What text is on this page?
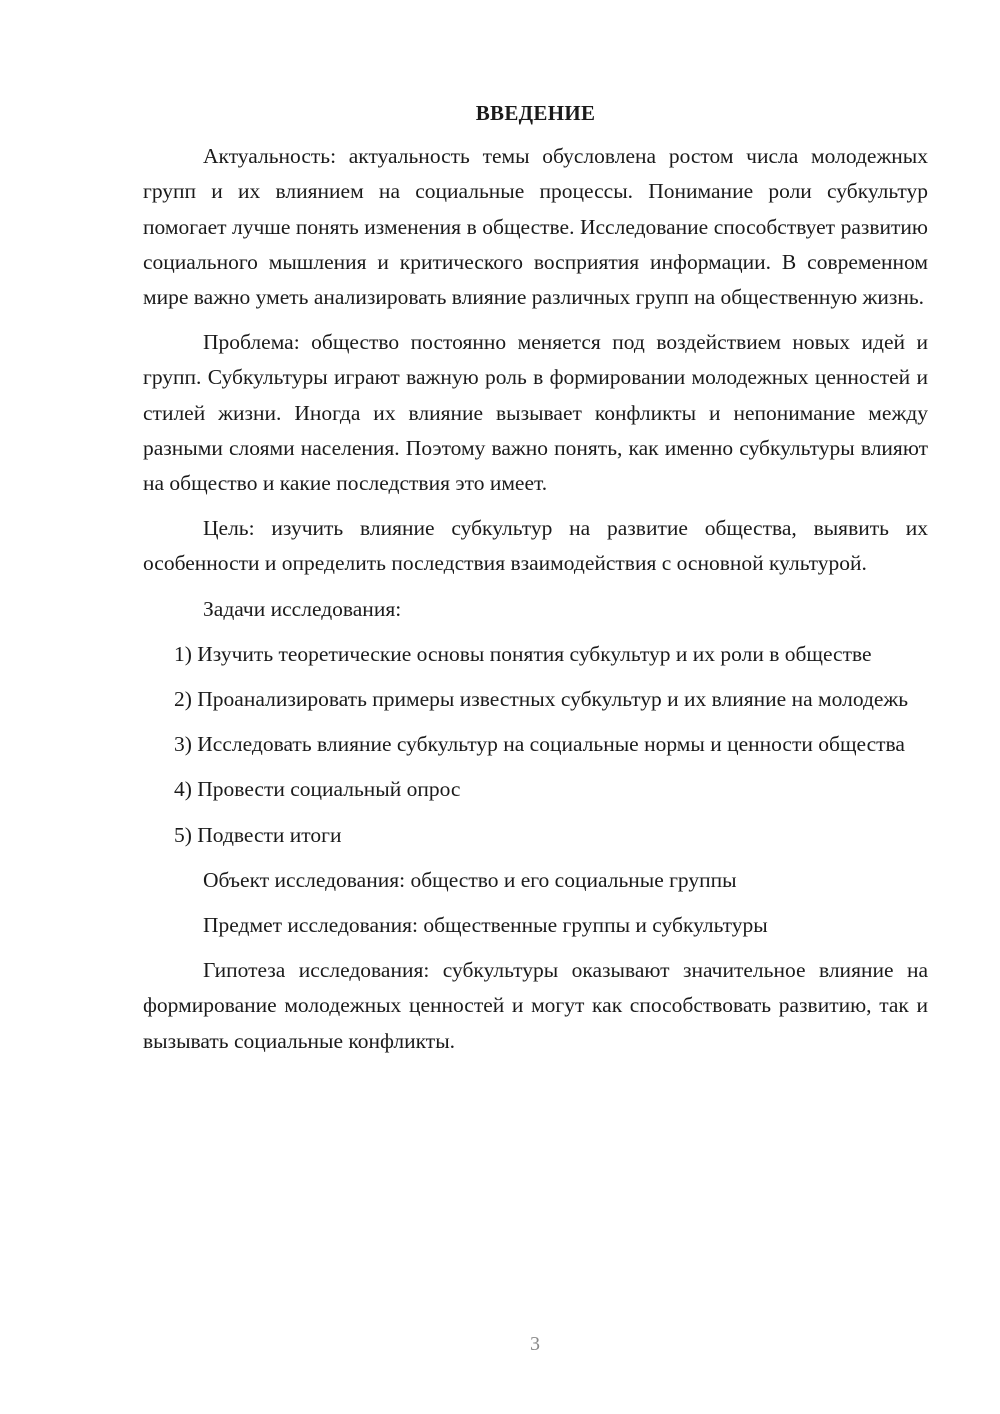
ВВЕДЕНИЕ

Актуальность: актуальность темы обусловлена ростом числа молодежных групп и их влиянием на социальные процессы. Понимание роли субкультур помогает лучше понять изменения в обществе. Исследование способствует развитию социального мышления и критического восприятия информации. В современном мире важно уметь анализировать влияние различных групп на общественную жизнь.

Проблема: общество постоянно меняется под воздействием новых идей и групп. Субкультуры играют важную роль в формировании молодежных ценностей и стилей жизни. Иногда их влияние вызывает конфликты и непонимание между разными слоями населения. Поэтому важно понять, как именно субкультуры влияют на общество и какие последствия это имеет.

Цель: изучить влияние субкультур на развитие общества, выявить их особенности и определить последствия взаимодействия с основной культурой.

Задачи исследования:

1) Изучить теоретические основы понятия субкультур и их роли в обществе

2) Проанализировать примеры известных субкультур и их влияние на молодежь

3) Исследовать влияние субкультур на социальные нормы и ценности общества

4) Провести социальный опрос

5) Подвести итоги

Объект исследования: общество и его социальные группы

Предмет исследования: общественные группы и субкультуры

Гипотеза исследования: субкультуры оказывают значительное влияние на формирование молодежных ценностей и могут как способствовать развитию, так и вызывать социальные конфликты.

3
